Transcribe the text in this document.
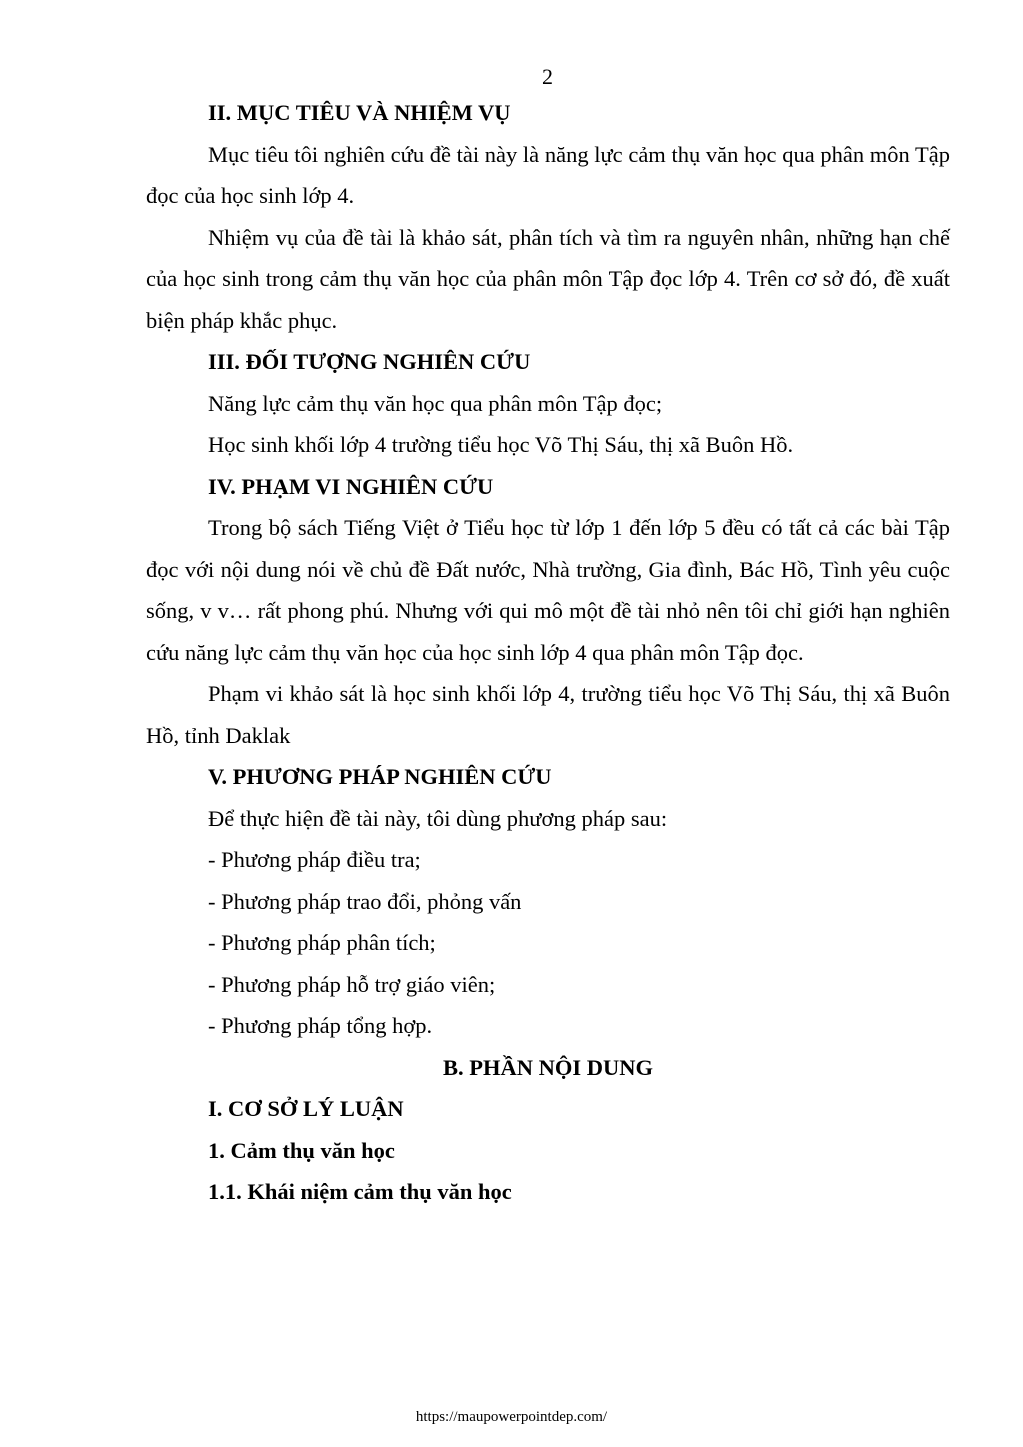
2

II. MỤC TIÊU VÀ NHIỆM VỤ

Mục tiêu tôi nghiên cứu đề tài này là năng lực cảm thụ văn học qua phân môn Tập đọc của học sinh lớp 4.

Nhiệm vụ của đề tài là khảo sát, phân tích và tìm ra nguyên nhân, những hạn chế của học sinh trong cảm thụ văn học của phân môn Tập đọc lớp 4. Trên cơ sở đó, đề xuất biện pháp khắc phục.

III. ĐỐI TƯỢNG NGHIÊN CỨU

Năng lực cảm thụ văn học qua phân môn Tập đọc;

Học sinh khối lớp 4 trường tiểu học Võ Thị Sáu, thị xã Buôn Hồ.

IV. PHẠM VI NGHIÊN CỨU

Trong bộ sách Tiếng Việt ở Tiểu học từ lớp 1 đến lớp 5 đều có tất cả các bài Tập đọc với nội dung nói về chủ đề Đất nước, Nhà trường, Gia đình, Bác Hồ, Tình yêu cuộc sống, v v… rất phong phú. Nhưng với qui mô một đề tài nhỏ nên tôi chỉ giới hạn nghiên cứu năng lực cảm thụ văn học của học sinh lớp 4 qua phân môn Tập đọc.

Phạm vi khảo sát là học sinh khối lớp 4, trường tiểu học Võ Thị Sáu, thị xã Buôn Hồ, tỉnh Daklak

V. PHƯƠNG PHÁP NGHIÊN CỨU

Để thực hiện đề tài này, tôi dùng phương pháp sau:

- Phương pháp điều tra;

- Phương pháp trao đổi, phỏng vấn

- Phương pháp phân tích;

- Phương pháp hỗ trợ giáo viên;

- Phương pháp tổng hợp.

B. PHẦN NỘI DUNG

I. CƠ SỞ LÝ LUẬN

1. Cảm thụ văn học

1.1. Khái niệm cảm thụ văn học

https://maupowerpointdep.com/
